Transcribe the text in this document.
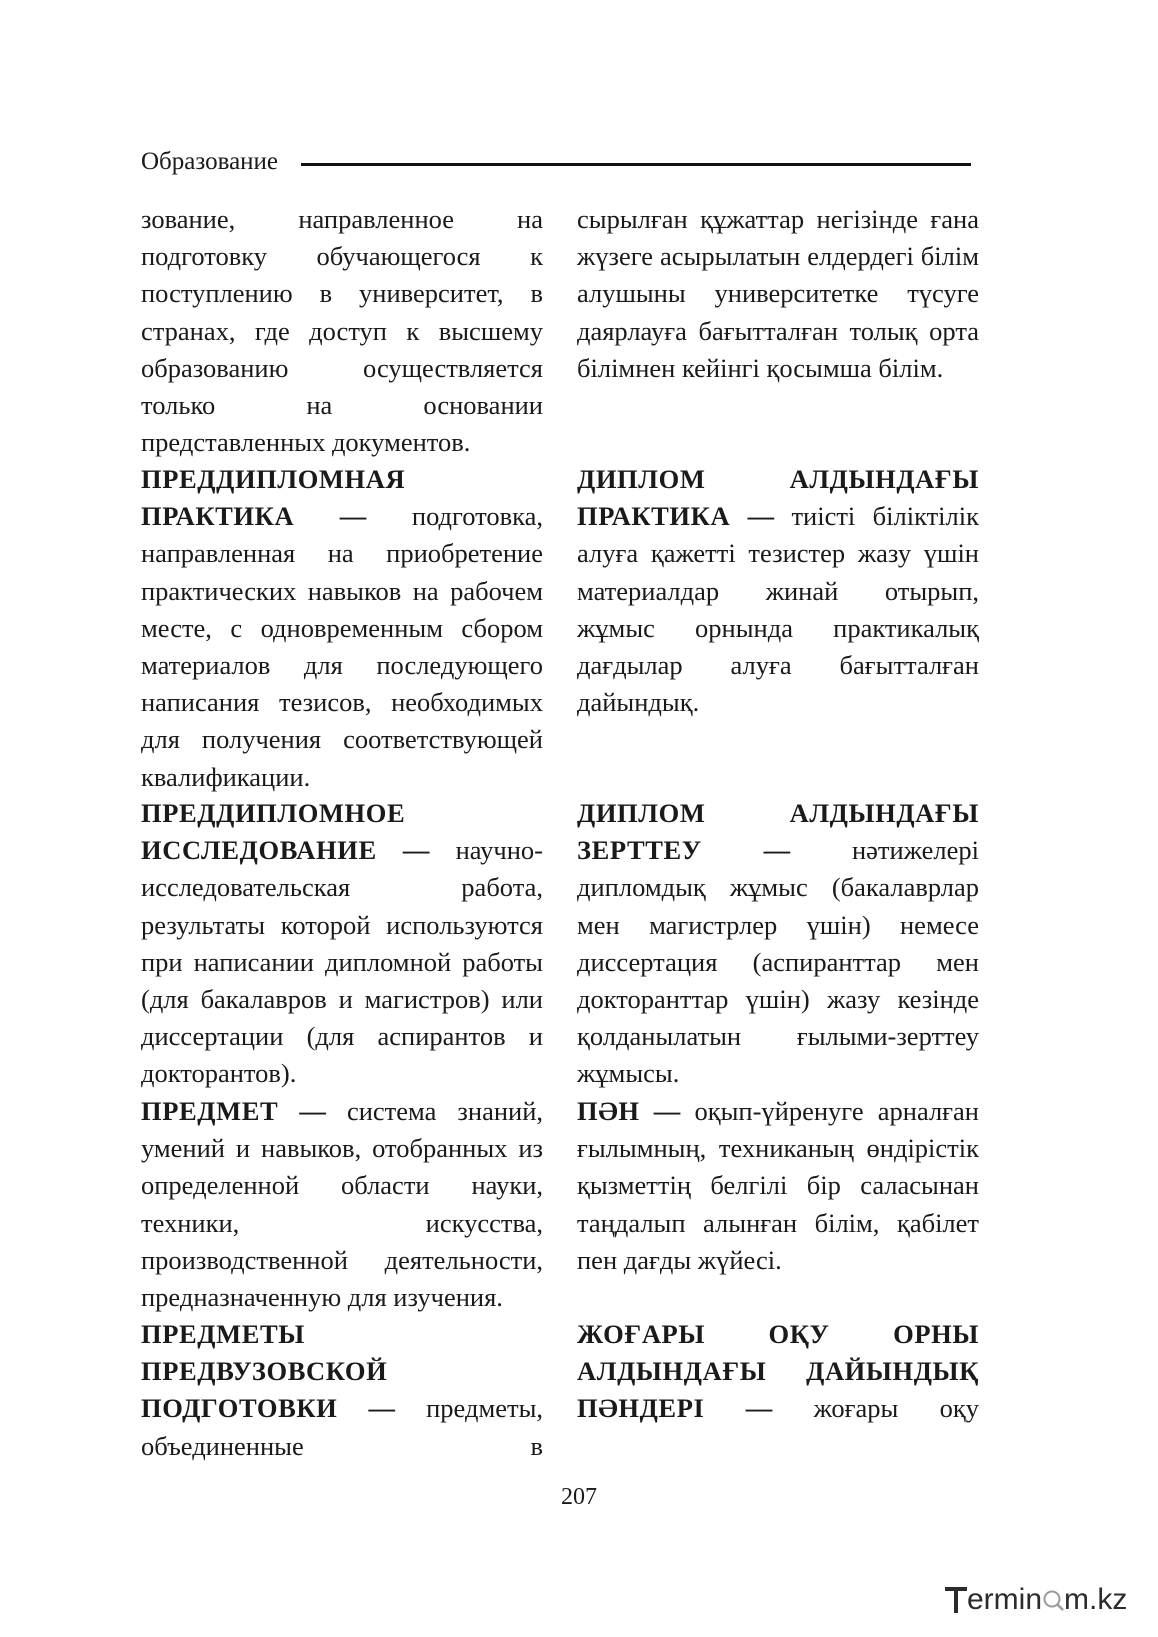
Образование

зование, направленное на подготовку обучающегося к поступлению в университет, в странах, где доступ к высшему образованию осуществляется только на основании представленных документов.

ПРЕДДИПЛОМНАЯ ПРАКТИКА — подготовка, направленная на приобретение практических навыков на рабочем месте, с одновременным сбором материалов для последующего написания тезисов, необходимых для получения соответствующей квалификации.

ПРЕДДИПЛОМНОЕ ИССЛЕДОВАНИЕ — научно-исследовательская работа, результаты которой используются при написании дипломной работы (для бакалавров и магистров) или диссертации (для аспирантов и докторантов).

ПРЕДМЕТ — система знаний, умений и навыков, отобранных из определенной области науки, техники, искусства, производственной деятельности, предназначенную для изучения.

ПРЕДМЕТЫ ПРЕДВУЗОВСКОЙ ПОДГОТОВКИ — предметы, объединенные в

сырылған құжаттар негізінде ғана жүзеге асырылатын елдердегі білім алушыны университетке түсуге даярлауға бағытталған толық орта білімнен кейінгі қосымша білім.

ДИПЛОМ АЛДЫНДАҒЫ ПРАКТИКА — тиісті біліктілік алуға қажетті тезистер жазу үшін материалдар жинай отырып, жұмыс орнында практикалық дағдылар алуға бағытталған дайындық.

ДИПЛОМ АЛДЫНДАҒЫ ЗЕРТТЕУ — нәтижелері дипломдық жұмыс (бакалаврлар мен магистрлер үшін) немесе диссертация (аспиранттар мен докторанттар үшін) жазу кезінде қолданылатын ғылыми-зерттеу жұмысы.

ПӘН — оқып-үйренуге арналған ғылымның, техниканың өндірістік қызметтің белгілі бір саласынан таңдалып алынған білім, қабілет пен дағды жүйесі.

ЖОҒАРЫ ОҚУ ОРНЫ АЛДЫНДАҒЫ ДАЙЫНДЫҚ ПӘНДЕРІ — жоғары оқу

207
ermin m.kz
